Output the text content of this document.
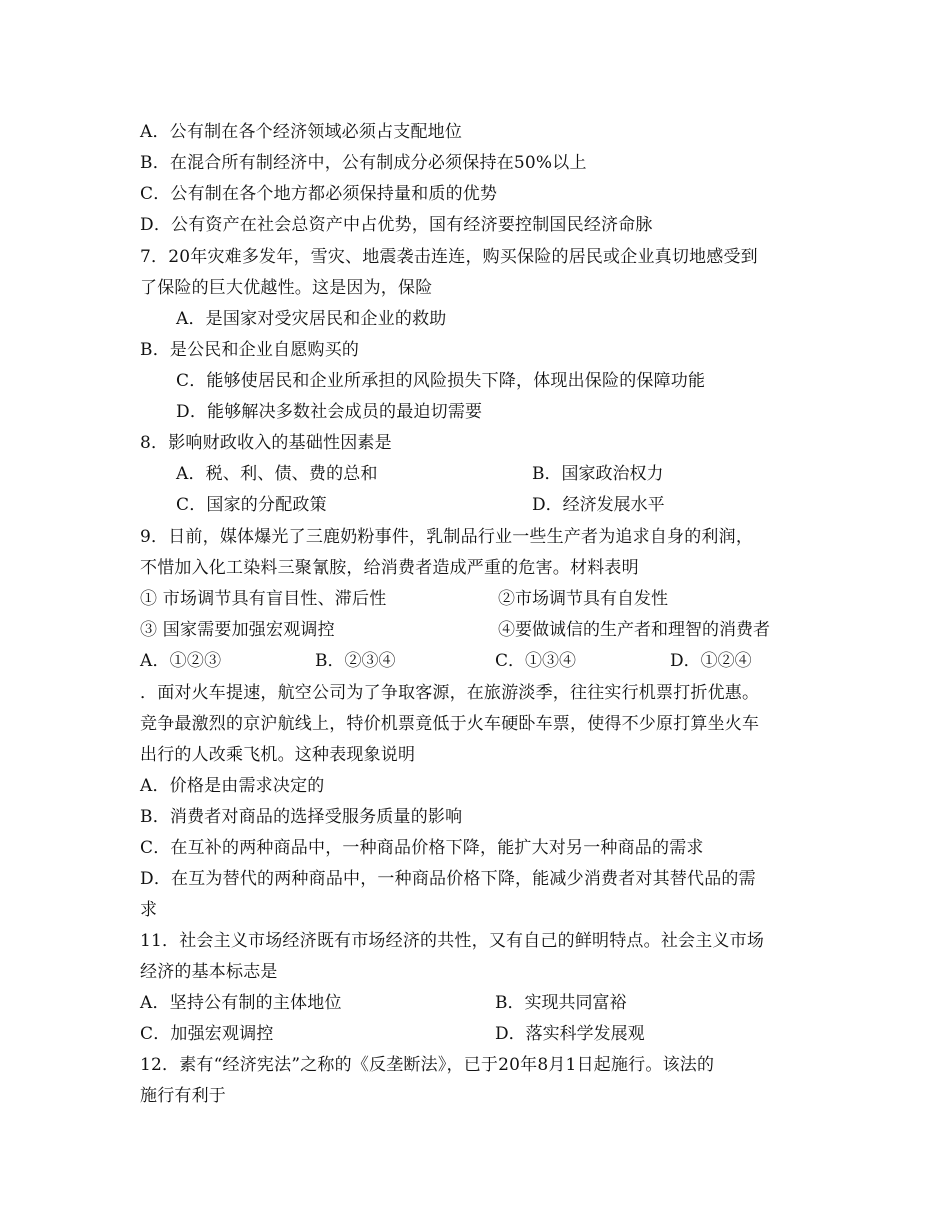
A．公有制在各个经济领域必须占支配地位
B．在混合所有制经济中，公有制成分必须保持在50%以上
C．公有制在各个地方都必须保持量和质的优势
D．公有资产在社会总资产中占优势，国有经济要控制国民经济命脉
7．20年灾难多发年，雪灾、地震袭击连连，购买保险的居民或企业真切地感受到
了保险的巨大优越性。这是因为，保险
A．是国家对受灾居民和企业的救助
B．是公民和企业自愿购买的
C．能够使居民和企业所承担的风险损失下降，体现出保险的保障功能
D．能够解决多数社会成员的最迫切需要
8．影响财政收入的基础性因素是
A．税、利、债、费的总和	B．国家政治权力
C．国家的分配政策	D．经济发展水平
9．日前，媒体爆光了三鹿奶粉事件，乳制品行业一些生产者为追求自身的利润，
不惜加入化工染料三聚氰胺，给消费者造成严重的危害。材料表明
① 市场调节具有盲目性、滞后性	②市场调节具有自发性
③ 国家需要加强宏观调控	④要做诚信的生产者和理智的消费者
A．①②③	B．②③④	C．①③④	D．①②④
．面对火车提速，航空公司为了争取客源，在旅游淡季，往往实行机票打折优惠。
竞争最激烈的京沪航线上，特价机票竟低于火车硬卧车票，使得不少原打算坐火车
出行的人改乘飞机。这种表现象说明
A．价格是由需求决定的
B．消费者对商品的选择受服务质量的影响
C．在互补的两种商品中，一种商品价格下降，能扩大对另一种商品的需求
D．在互为替代的两种商品中，一种商品价格下降，能减少消费者对其替代品的需
求
11．社会主义市场经济既有市场经济的共性，又有自己的鲜明特点。社会主义市场
经济的基本标志是
A．坚持公有制的主体地位	B．实现共同富裕
C．加强宏观调控	D．落实科学发展观
12．素有“经济宪法”之称的《反垄断法》，已于20年8月1日起施行。该法的
施行有利于
